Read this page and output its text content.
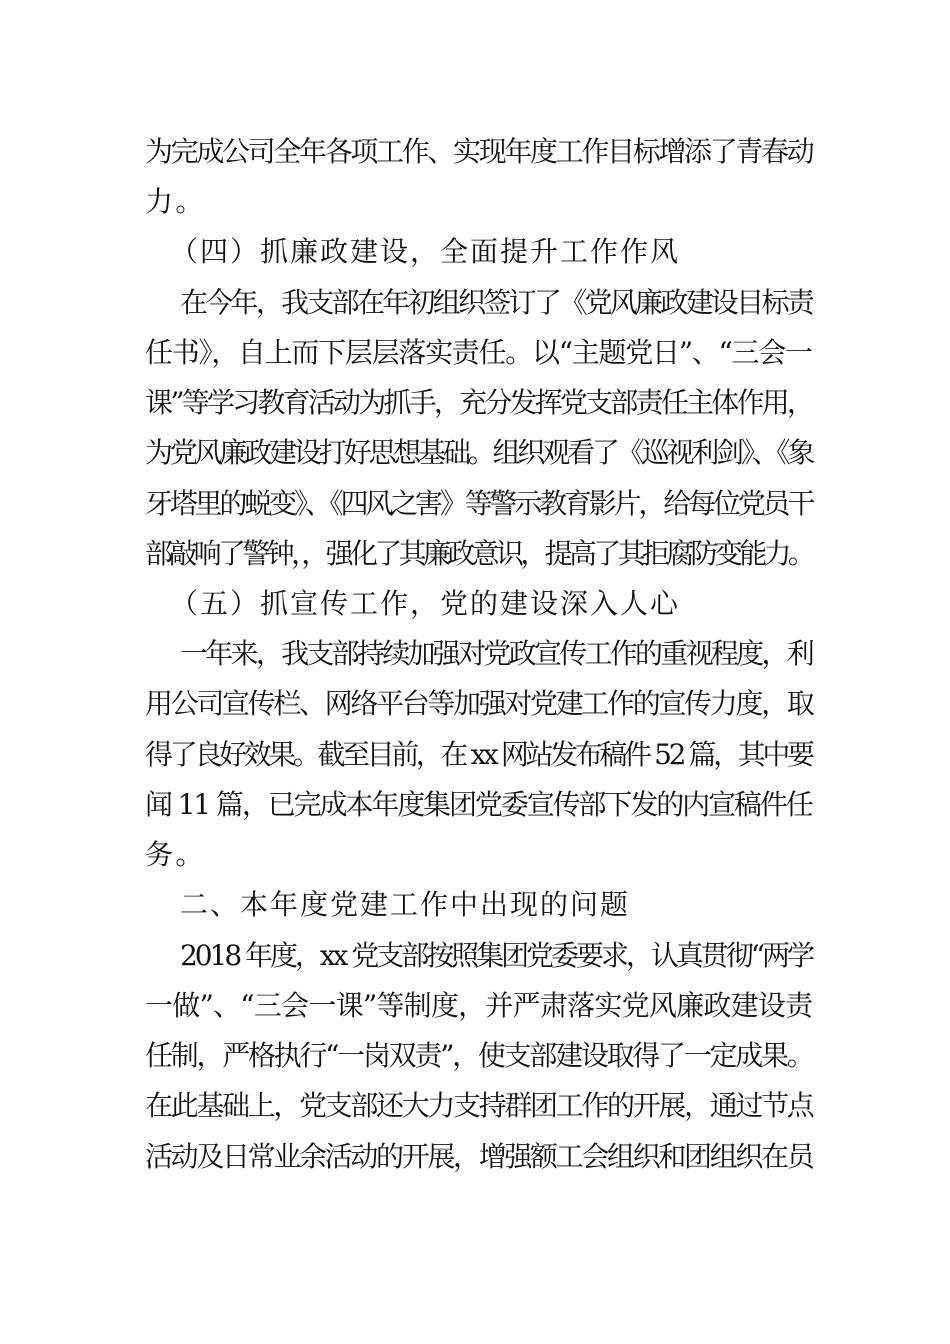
为完成公司全年各项工作、实现年度工作目标增添了青春动
力。
（四）抓廉政建设，全面提升工作作风
在今年，我支部在年初组织签订了《党风廉政建设目标责
任书》，自上而下层层落实责任。以“主题党日”、“三会一
课”等学习教育活动为抓手，充分发挥党支部责任主体作用，
为党风廉政建设打好思想基础。组织观看了《巡视利剑》、《象
牙塔里的蜕变》、《四风之害》等警示教育影片，给每位党员干
部敲响了警钟，，强化了其廉政意识，提高了其拒腐防变能力。
（五）抓宣传工作，党的建设深入人心
一年来，我支部持续加强对党政宣传工作的重视程度，利
用公司宣传栏、网络平台等加强对党建工作的宣传力度，取
得了良好效果。截至目前，在 xx 网站发布稿件 52 篇，其中要
闻 11 篇，已完成本年度集团党委宣传部下发的内宣稿件任
务。
二、本年度党建工作中出现的问题
2018 年度，xx 党支部按照集团党委要求，认真贯彻“两学
一做”、“三会一课”等制度，并严肃落实党风廉政建设责
任制，严格执行“一岗双责”，使支部建设取得了一定成果。
在此基础上，党支部还大力支持群团工作的开展，通过节点
活动及日常业余活动的开展，增强额工会组织和团组织在员
